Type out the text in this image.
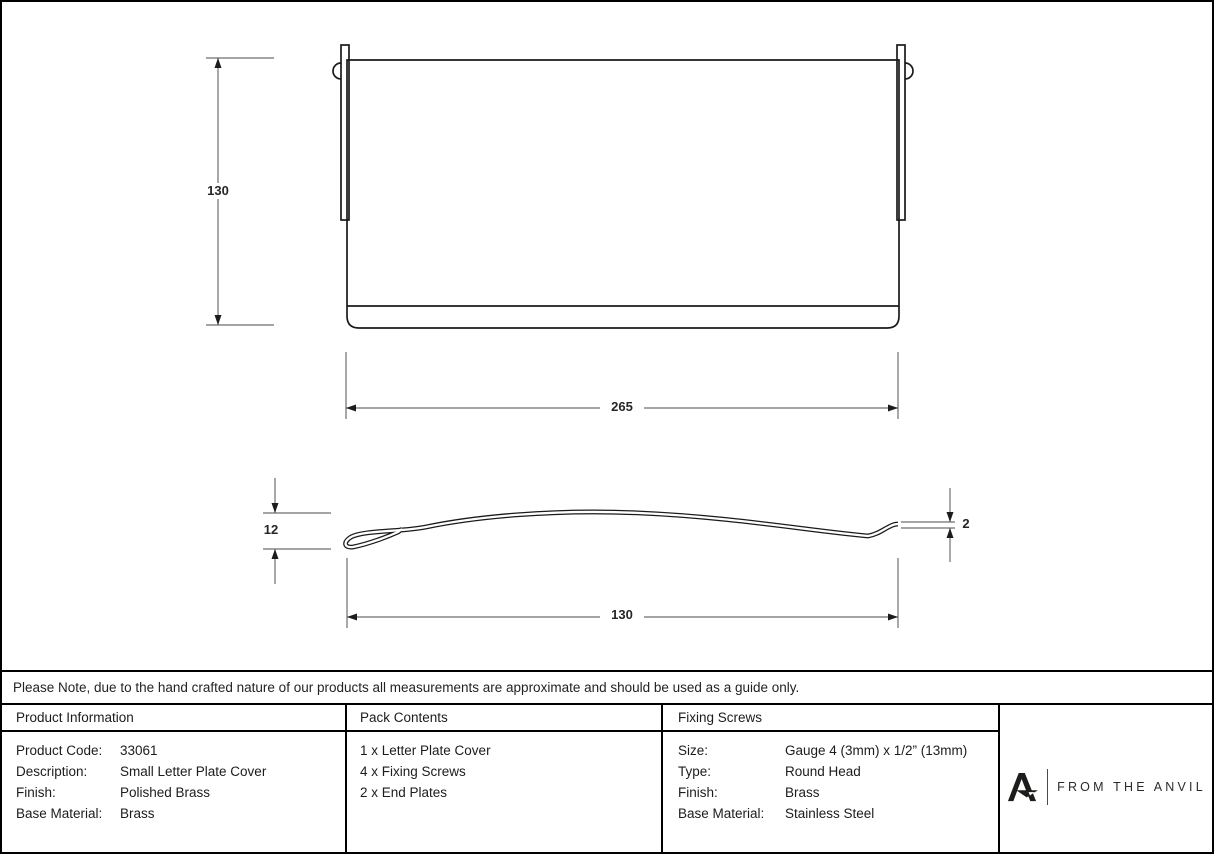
130
265
12	2
130
Please Note, due to the hand crafted nature of our products all measurements are approximate and should be used as a guide only.
Product Information	Pack Contents	Fixing Screws
FROM THE ANVIL
Product Code:	33061
Description:	Small Letter Plate Cover
Finish:	Polished Brass
Base Material:	Brass
1 x Letter Plate Cover
4 x Fixing Screws
2 x End Plates
Size:	Gauge 4 (3mm) x 1/2” (13mm)
Type:	Round Head
Finish:	Brass
Base Material:	Stainless Steel
